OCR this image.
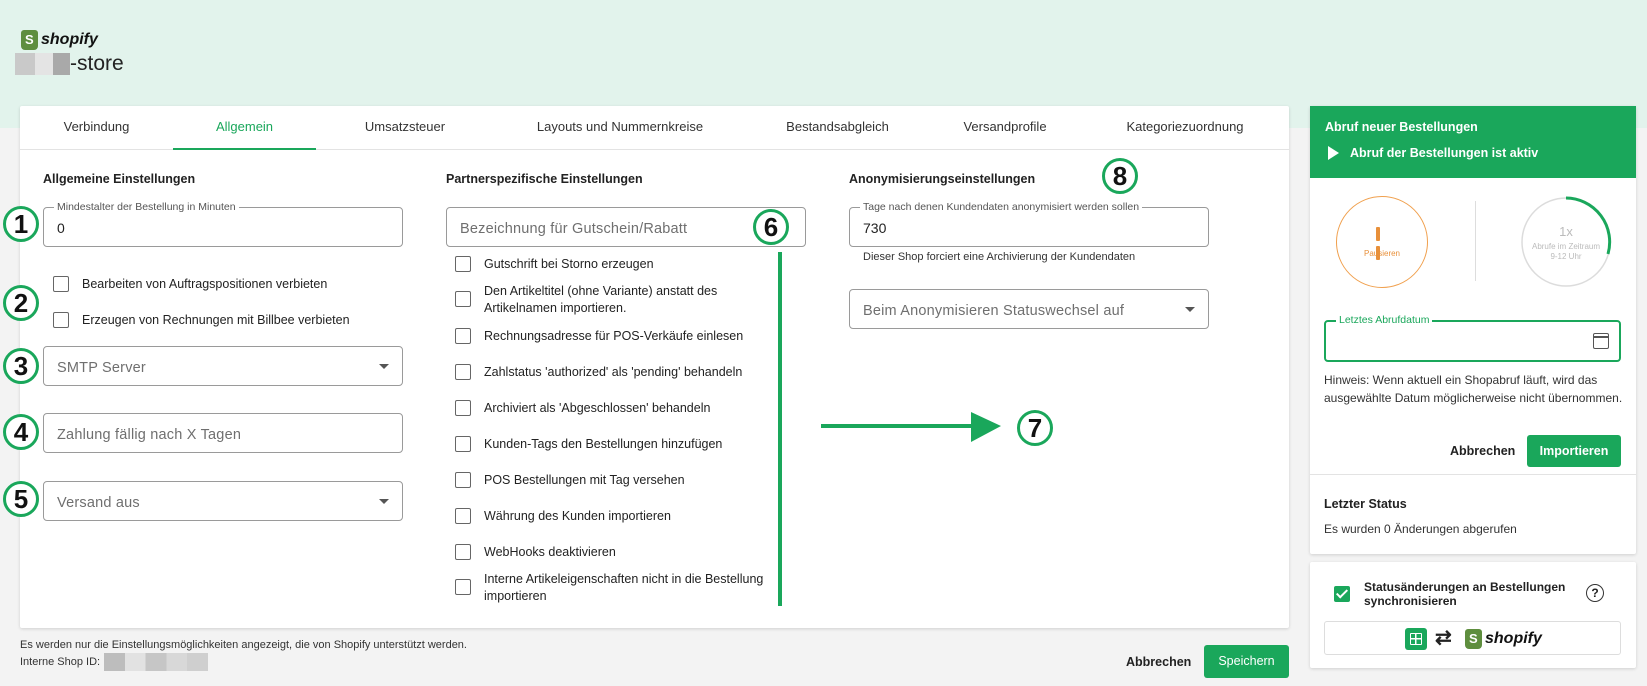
S
shopify
-store
Verbindung	Allgemein	Umsatzsteuer	Layouts und Nummernkreise	Bestandsabgleich	Versandprofile	Kategoriezuordnung
Allgemeine Einstellungen
Mindestalter der Bestellung in Minuten
0
Bearbeiten von Auftragspositionen verbieten
Erzeugen von Rechnungen mit Billbee verbieten
SMTP Server
Zahlung fällig nach X Tagen
Versand aus
Partnerspezifische Einstellungen
Bezeichnung für Gutschein/Rabatt
Gutschrift bei Storno erzeugen
Den Artikeltitel (ohne Variante) anstatt des Artikelnamen importieren.
Rechnungsadresse für POS-Verkäufe einlesen
Zahlstatus 'authorized' als 'pending' behandeln
Archiviert als 'Abgeschlossen' behandeln
Kunden-Tags den Bestellungen hinzufügen
POS Bestellungen mit Tag versehen
Währung des Kunden importieren
WebHooks deaktivieren
Interne Artikeleigenschaften nicht in die Bestellung importieren
Anonymisierungseinstellungen
Tage nach denen Kundendaten anonymisiert werden sollen
730
Dieser Shop forciert eine Archivierung der Kundendaten
Beim Anonymisieren Statuswechsel auf
1
2
3
4
5
6
7
8
Es werden nur die Einstellungsmöglichkeiten angezeigt, die von Shopify unterstützt werden.
Interne Shop ID:	Abbrechen	Speichern
Abruf neuer Bestellungen
Abruf der Bestellungen ist aktiv
Pausieren
1x
Abrufe im Zeitraum
9-12 Uhr
Letztes Abrufdatum
Hinweis: Wenn aktuell ein Shopabruf läuft, wird das ausgewählte Datum möglicherweise nicht übernommen.
Abbrechen	Importieren
Letzter Status
Es wurden 0 Änderungen abgerufen
Statusänderungen an Bestellungen synchronisieren
?
⇄
S shopify
